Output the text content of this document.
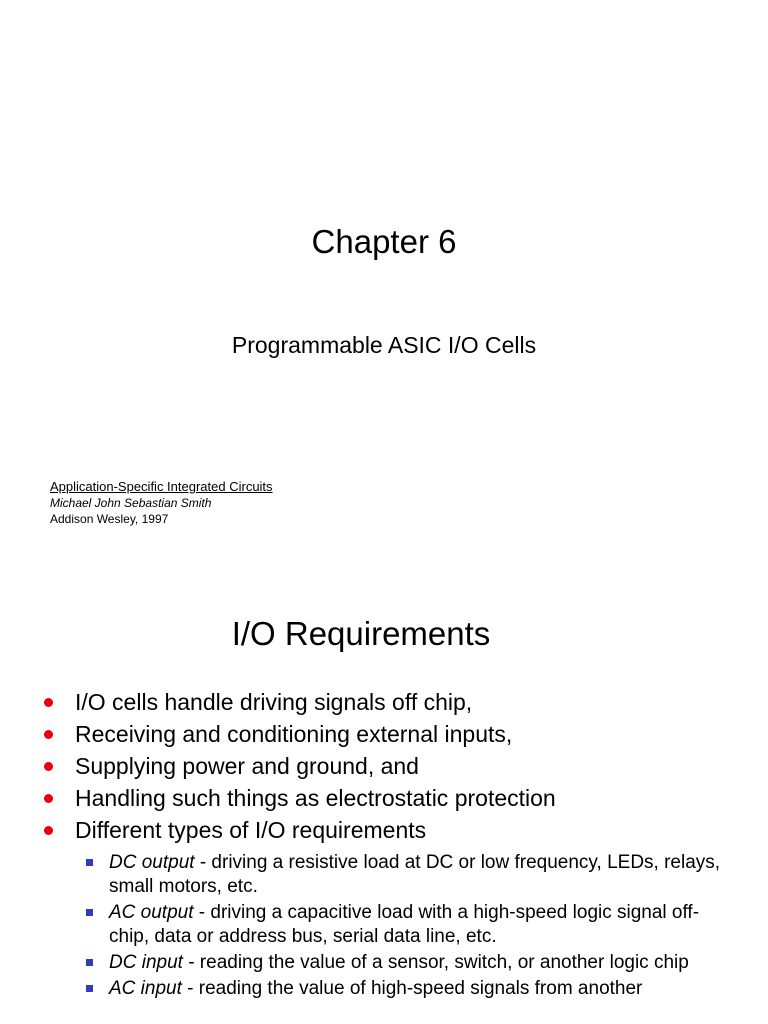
Chapter 6
Programmable ASIC I/O Cells
Application-Specific Integrated Circuits
Michael John Sebastian Smith
Addison Wesley, 1997
I/O Requirements
I/O cells handle driving signals off chip,
Receiving and conditioning external inputs,
Supplying power and ground, and
Handling such things as electrostatic protection
Different types of I/O requirements
DC output - driving a resistive load at DC or low frequency, LEDs, relays, small motors, etc.
AC output - driving a capacitive load with a high-speed logic signal off-chip, data or address bus, serial data line, etc.
DC input - reading the value of a sensor, switch, or another logic chip
AC input - reading the value of high-speed signals from another
